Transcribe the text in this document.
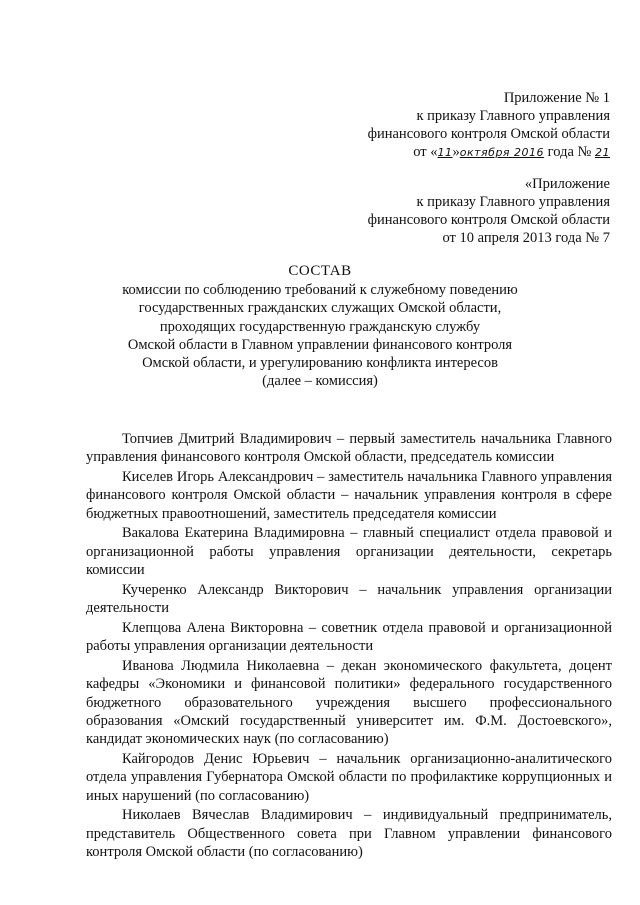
Приложение № 1
к приказу Главного управления
финансового контроля Омской области
от «11»октября 2016 года № 21
«Приложение
к приказу Главного управления
финансового контроля Омской области
от 10 апреля 2013 года № 7
СОСТАВ
комиссии по соблюдению требований к служебному поведению
государственных гражданских служащих Омской области,
проходящих государственную гражданскую службу
Омской области в Главном управлении финансового контроля
Омской области, и урегулированию конфликта интересов
(далее – комиссия)

Топчиев Дмитрий Владимирович – первый заместитель начальника Главного управления финансового контроля Омской области, председатель комиссии

Киселев Игорь Александрович – заместитель начальника Главного управления финансового контроля Омской области – начальник управления контроля в сфере бюджетных правоотношений, заместитель председателя комиссии

Вакалова Екатерина Владимировна – главный специалист отдела правовой и организационной работы управления организации деятельности, секретарь комиссии

Кучеренко Александр Викторович – начальник управления организации деятельности

Клепцова Алена Викторовна – советник отдела правовой и организационной работы управления организации деятельности

Иванова Людмила Николаевна – декан экономического факультета, доцент кафедры «Экономики и финансовой политики» федерального государственного бюджетного образовательного учреждения высшего профессионального образования «Омский государственный университет им. Ф.М. Достоевского», кандидат экономических наук (по согласованию)

Кайгородов Денис Юрьевич – начальник организационно-аналитического отдела управления Губернатора Омской области по профилактике коррупционных и иных нарушений (по согласованию)

Николаев Вячеслав Владимирович – индивидуальный предприниматель, представитель Общественного совета при Главном управлении финансового контроля Омской области (по согласованию)
